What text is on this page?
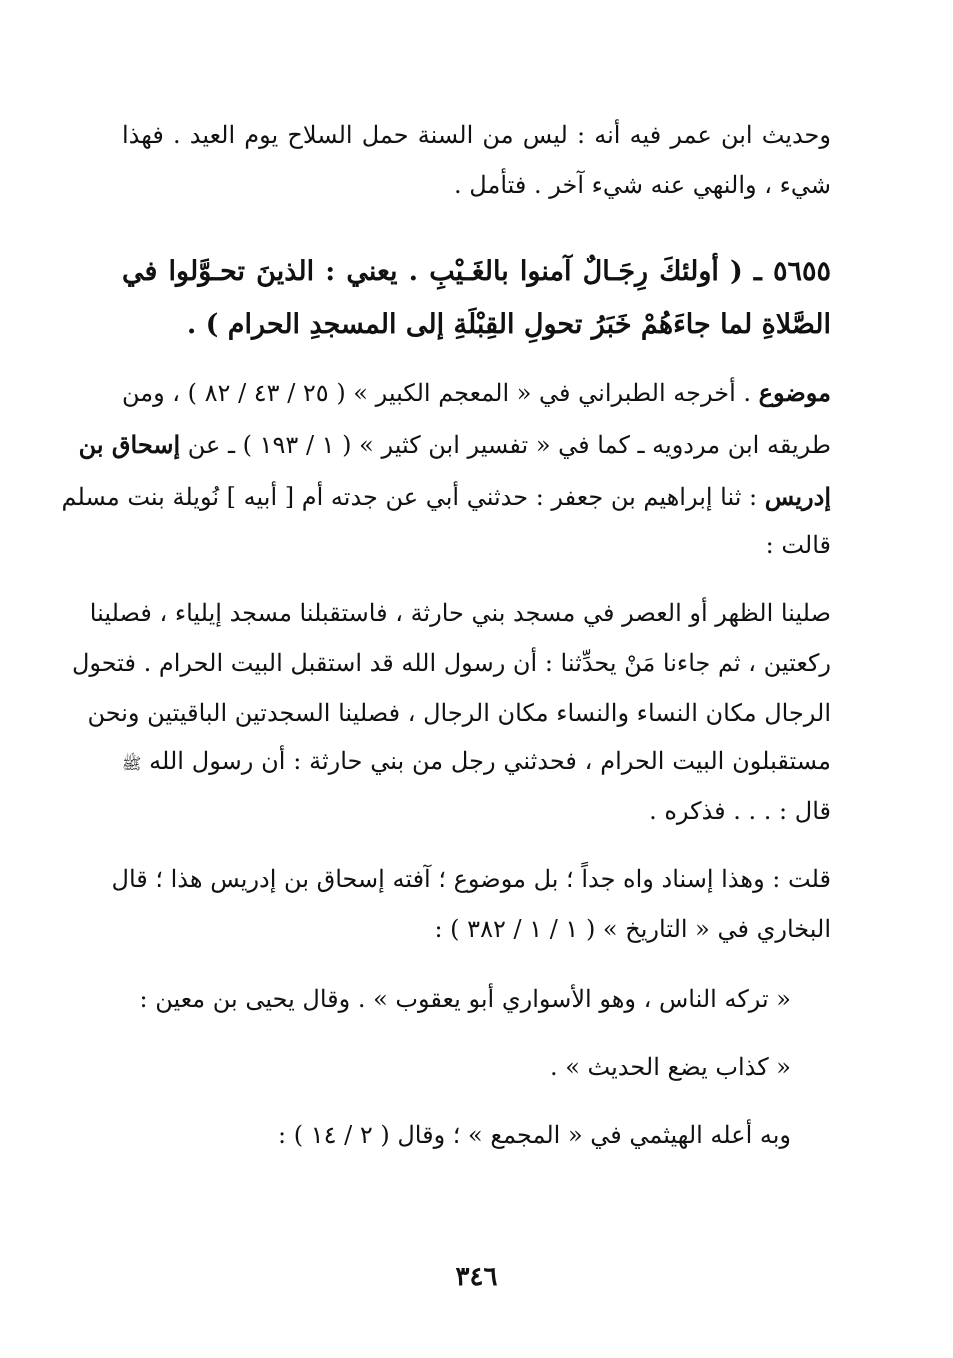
وحديث ابن عمر فيه أنه : ليس من السنة حمل السلاح يوم العيد . فهذا
شيء ، والنهي عنه شيء آخر . فتأمل .
٥٦٥٥ ـ ( أولئكَ رِجَـالٌ آمنوا بالغَـيْبِ . يعني : الذينَ تحـوَّلوا في
الصَّلاةِ لما جاءَهُمْ خَبَرُ تحولِ القِبْلَةِ إلى المسجدِ الحرام ) .
موضوع . أخرجه الطبراني في « المعجم الكبير » ( ٢٥ / ٤٣ / ٨٢ ) ، ومن
طريقه ابن مردويه ـ كما في « تفسير ابن كثير » ( ١ / ١٩٣ ) ـ عن إسحاق بن
إدريس : ثنا إبراهيم بن جعفر : حدثني أبي عن جدته أم [ أبيه ] نُويلة بنت مسلم
قالت :
صلينا الظهر أو العصر في مسجد بني حارثة ، فاستقبلنا مسجد إيلياء ، فصلينا
ركعتين ، ثم جاءنا مَنْ يحدِّثنا : أن رسول الله قد استقبل البيت الحرام . فتحول
الرجال مكان النساء والنساء مكان الرجال ، فصلينا السجدتين الباقيتين ونحن
مستقبلون البيت الحرام ، فحدثني رجل من بني حارثة : أن رسول الله ﷺ
قال : . . . فذكره .
قلت : وهذا إسناد واه جداً ؛ بل موضوع ؛ آفته إسحاق بن إدريس هذا ؛ قال
البخاري في « التاريخ » ( ١ / ١ / ٣٨٢ ) :
« تركه الناس ، وهو الأسواري أبو يعقوب » . وقال يحيى بن معين :
« كذاب يضع الحديث » .
وبه أعله الهيثمي في « المجمع » ؛ وقال ( ٢ / ١٤ ) :
٣٤٦
